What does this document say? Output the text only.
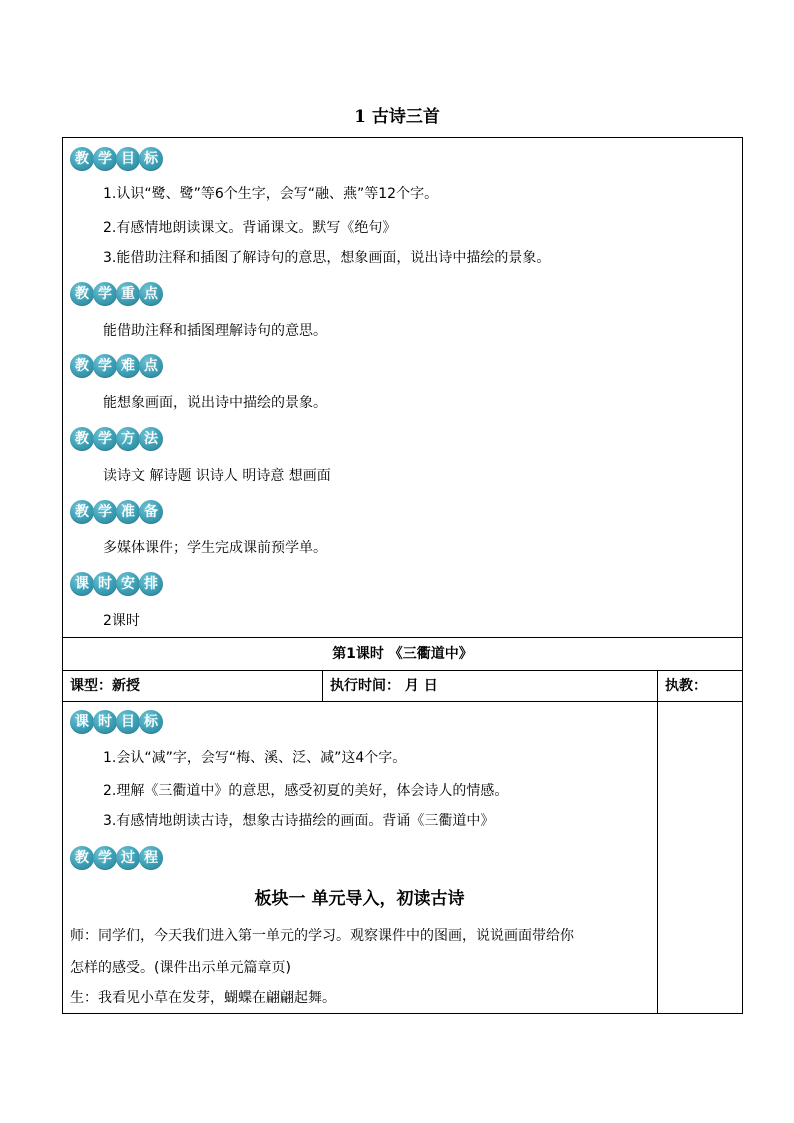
1 古诗三首
教 学 目 标
1.认识“鹭、鹭”等6个生字，会写“融、燕”等12个字。
2.有感情地朗读课文。背诵课文。默写《绝句》
3.能借助注释和插图了解诗句的意思，想象画面，说出诗中描绘的景象。
教 学 重 点
能借助注释和插图理解诗句的意思。
教 学 难 点
能想象画面，说出诗中描绘的景象。
教 学 方 法
读诗文 解诗题 识诗人 明诗意 想画面
教 学 准 备
多媒体课件；学生完成课前预学单。
课 时 安 排
2课时
第1课时 《三衢道中》
课型：新授	执行时间： 月 日	执教：
课 时 目 标
1.会认“减”字，会写“梅、溪、泛、减”这4个字。
2.理解《三衢道中》的意思，感受初夏的美好，体会诗人的情感。
3.有感情地朗读古诗，想象古诗描绘的画面。背诵《三衢道中》
教 学 过 程
板块一 单元导入，初读古诗
师：同学们，今天我们进入第一单元的学习。观察课件中的图画，说说画面带给你
怎样的感受。(课件出示单元篇章页)
生：我看见小草在发芽，蝴蝶在翩翩起舞。
